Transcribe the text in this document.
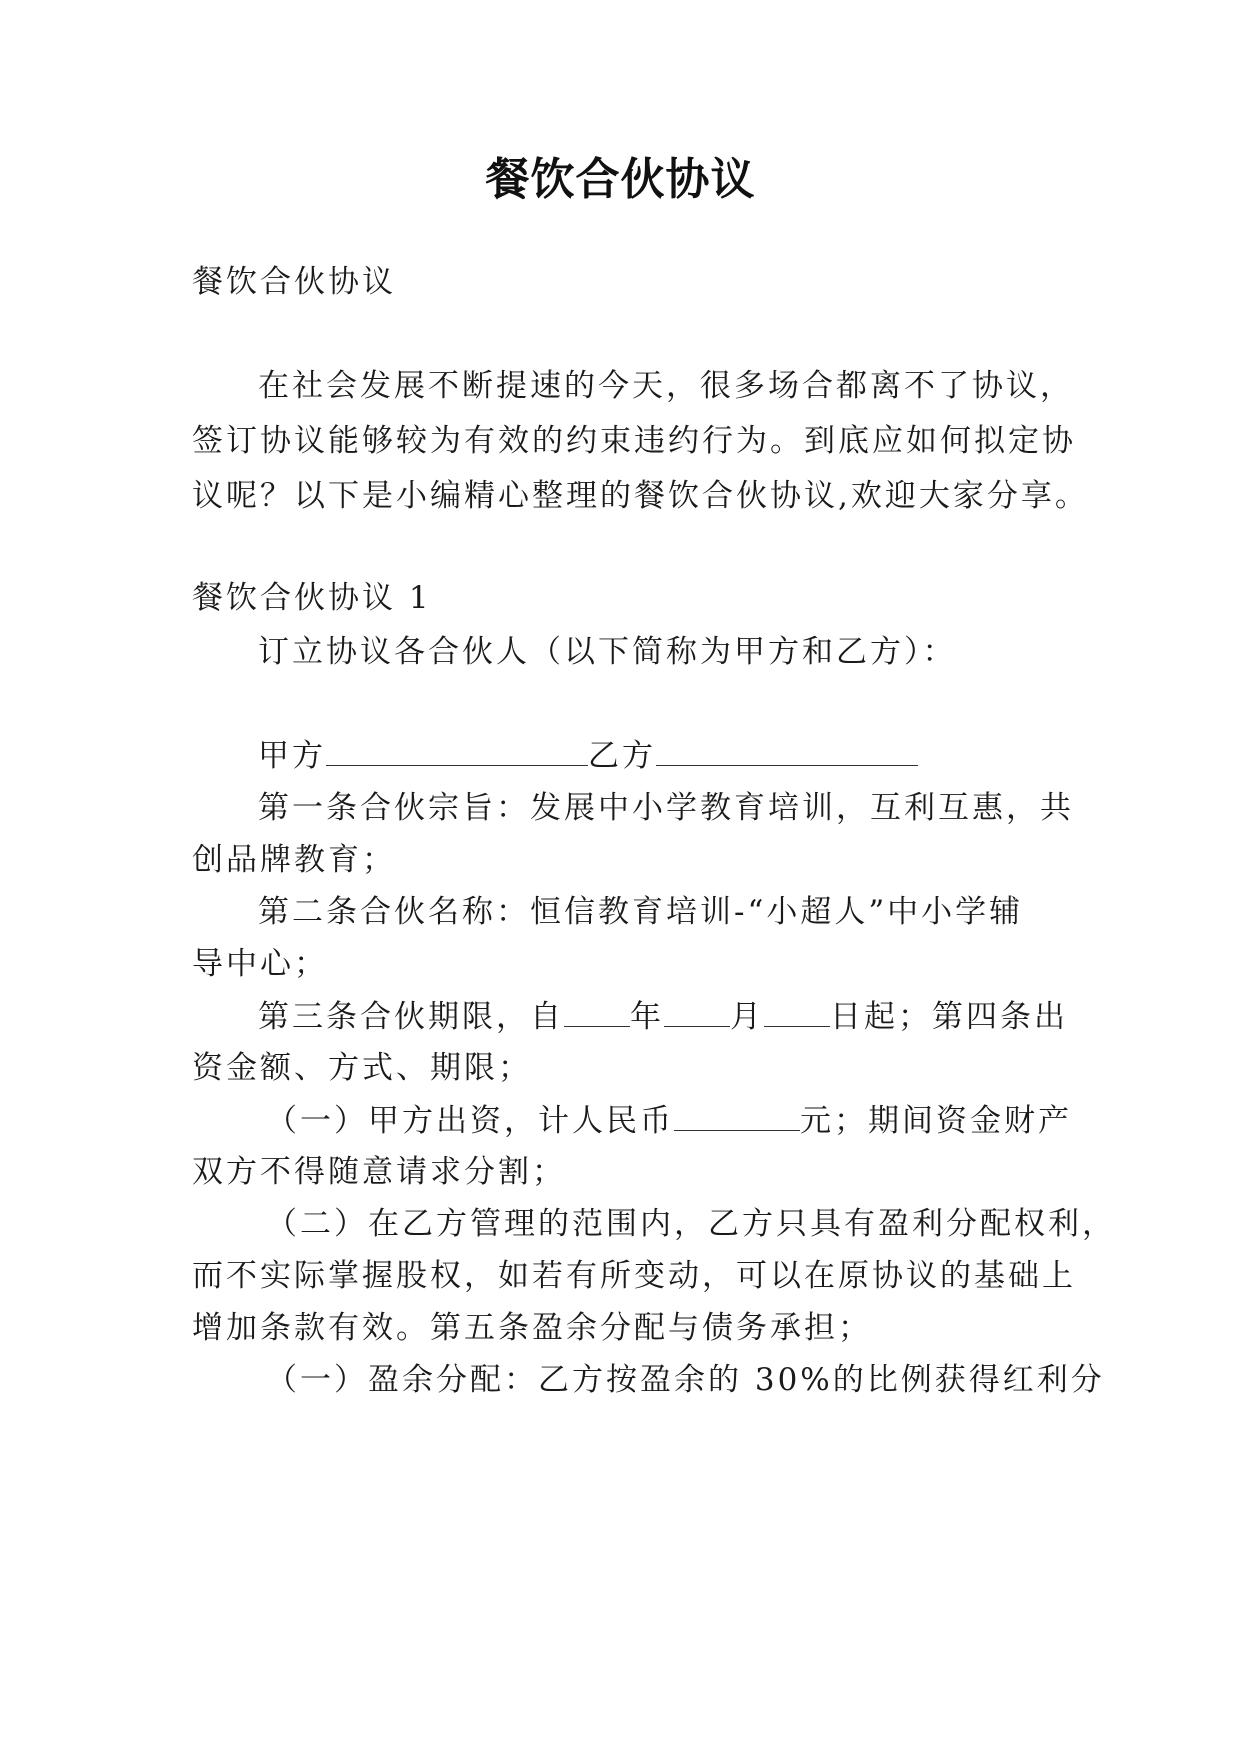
餐饮合伙协议
餐饮合伙协议
在社会发展不断提速的今天，很多场合都离不了协议，
签订协议能够较为有效的约束违约行为。到底应如何拟定协
议呢？以下是小编精心整理的餐饮合伙协议,欢迎大家分享。
餐饮合伙协议 1
订立协议各合伙人（以下简称为甲方和乙方）：
甲方	乙方
第一条合伙宗旨：发展中小学教育培训，互利互惠，共
创品牌教育；
第二条合伙名称：恒信教育培训-“小超人”中小学辅
导中心；
第三条合伙期限，自 年 月 日起；第四条出
资金额、方式、期限；
（一）甲方出资，计人民币	元；期间资金财产
双方不得随意请求分割；
（二）在乙方管理的范围内，乙方只具有盈利分配权利，
而不实际掌握股权，如若有所变动，可以在原协议的基础上
增加条款有效。第五条盈余分配与债务承担；
（一）盈余分配：乙方按盈余的 30%的比例获得红利分
